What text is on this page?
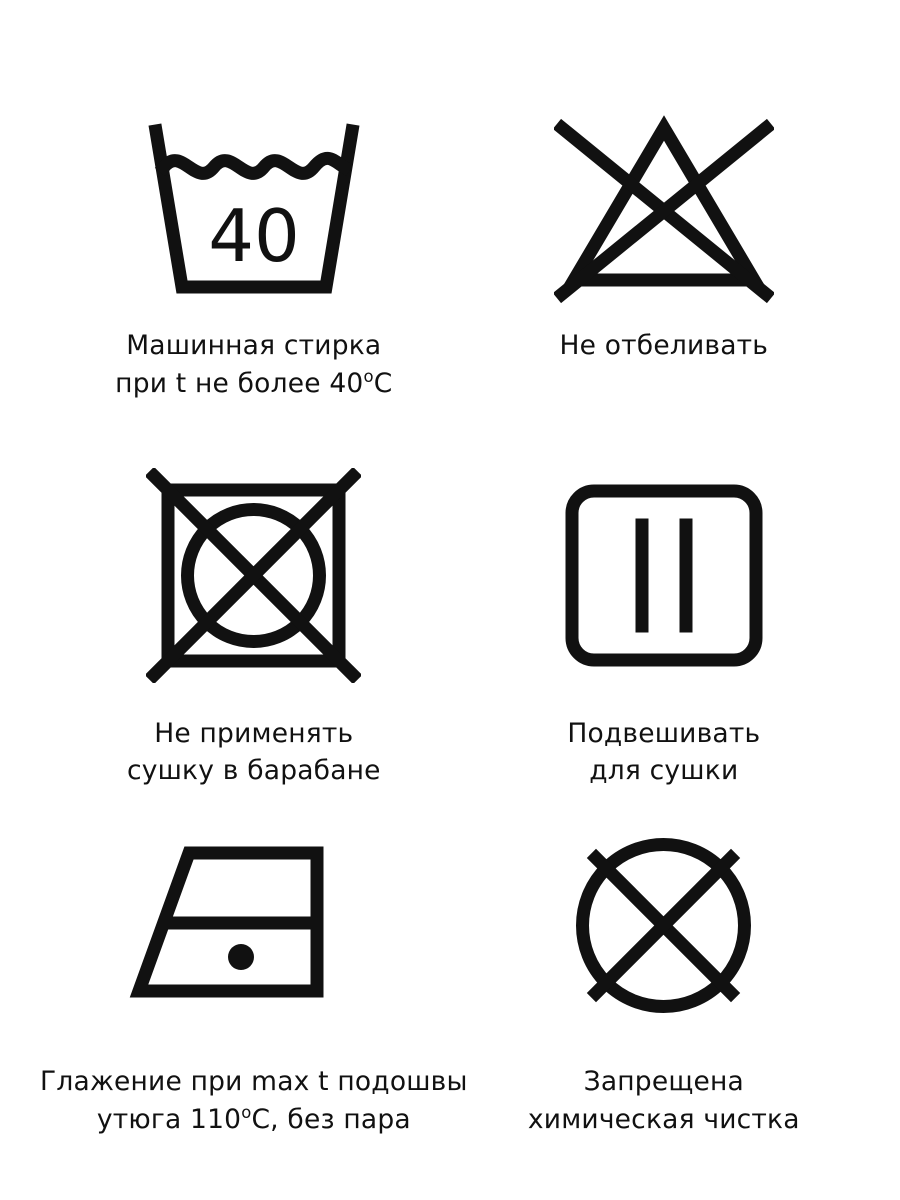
40
Машинная стирка
при t не более $40^оС$
Не отбеливать
Не применять
сушку в барабане
Подвешивать
для сушки
Глажение при max t подошвы
утюга $110^оС$, без пара
Запрещена
химическая чистка
